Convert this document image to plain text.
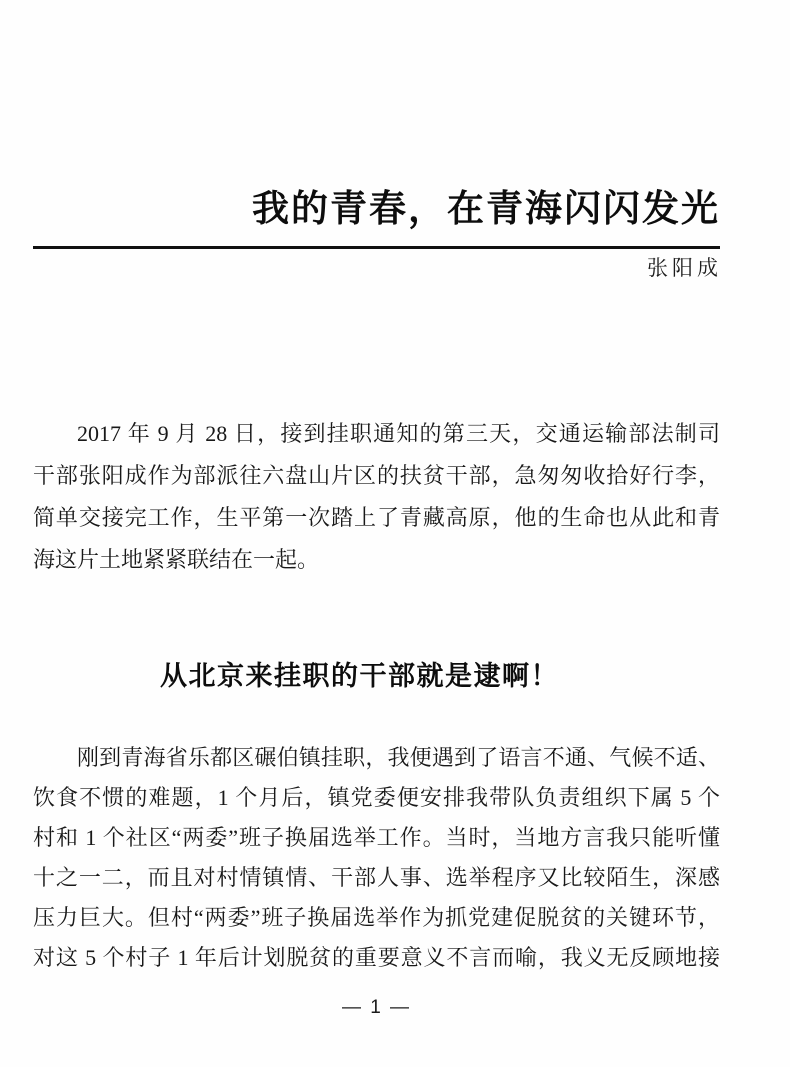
我的青春，在青海闪闪发光
张阳成
2017 年 9 月 28 日，接到挂职通知的第三天，交通运输部法制司
干部张阳成作为部派往六盘山片区的扶贫干部，急匆匆收拾好行李，
简单交接完工作，生平第一次踏上了青藏高原，他的生命也从此和青
海这片土地紧紧联结在一起。
从北京来挂职的干部就是逮啊！
刚到青海省乐都区碾伯镇挂职，我便遇到了语言不通、气候不适、
饮食不惯的难题，1 个月后，镇党委便安排我带队负责组织下属 5 个
村和 1 个社区“两委”班子换届选举工作。当时，当地方言我只能听懂
十之一二，而且对村情镇情、干部人事、选举程序又比较陌生，深感
压力巨大。但村“两委”班子换届选举作为抓党建促脱贫的关键环节，
对这 5 个村子 1 年后计划脱贫的重要意义不言而喻，我义无反顾地接
— 1 —
